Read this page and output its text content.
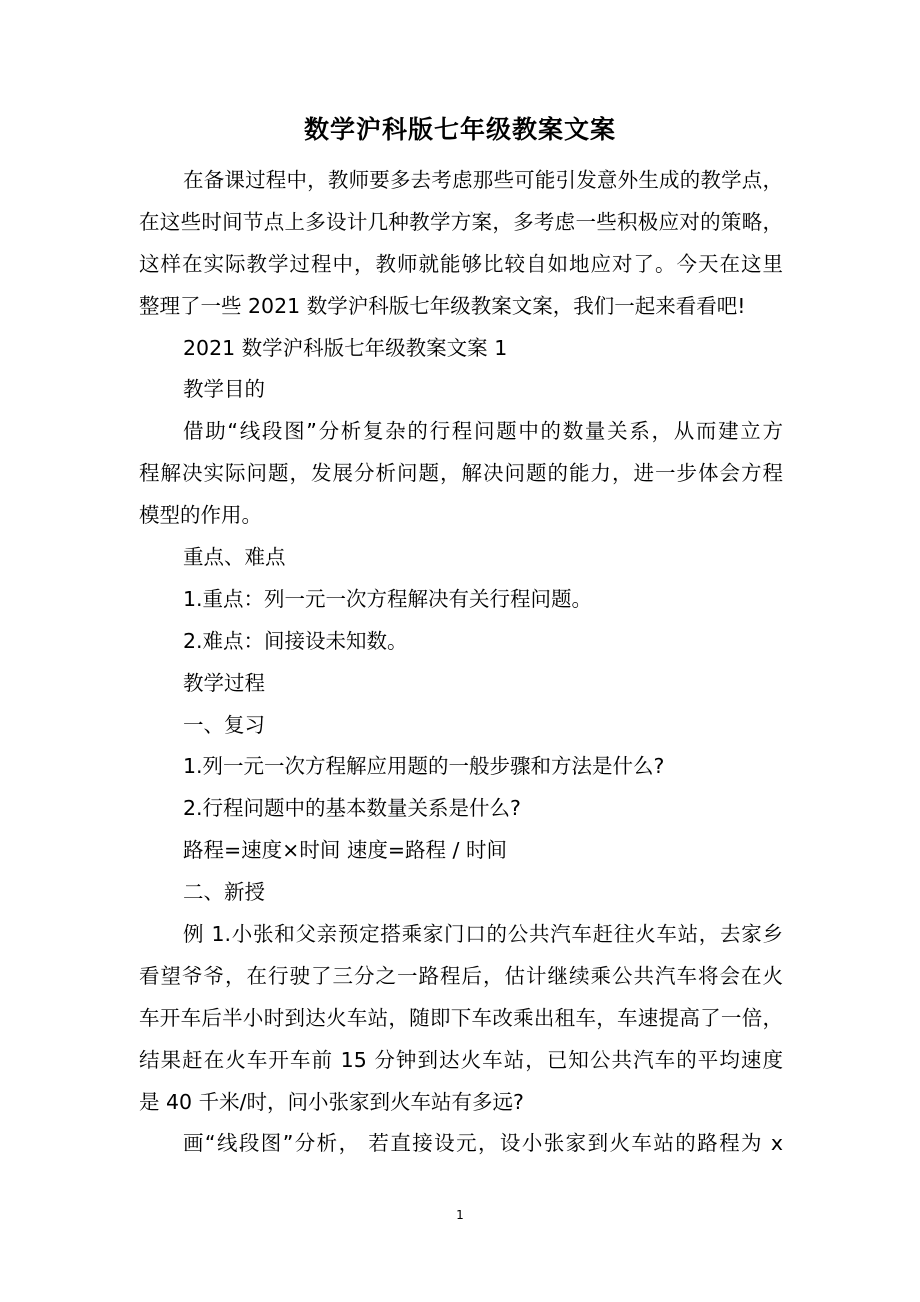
数学沪科版七年级教案文案
在备课过程中，教师要多去考虑那些可能引发意外生成的教学点，
在这些时间节点上多设计几种教学方案，多考虑一些积极应对的策略，
这样在实际教学过程中，教师就能够比较自如地应对了。今天在这里
整理了一些 2021 数学沪科版七年级教案文案，我们一起来看看吧!
2021 数学沪科版七年级教案文案 1
教学目的
借助“线段图”分析复杂的行程问题中的数量关系，从而建立方
程解决实际问题，发展分析问题，解决问题的能力，进一步体会方程
模型的作用。
重点、难点
1.重点：列一元一次方程解决有关行程问题。
2.难点：间接设未知数。
教学过程
一、复习
1.列一元一次方程解应用题的一般步骤和方法是什么?
2.行程问题中的基本数量关系是什么?
路程=速度×时间 速度=路程 / 时间
二、新授
例 1.小张和父亲预定搭乘家门口的公共汽车赶往火车站，去家乡
看望爷爷，在行驶了三分之一路程后，估计继续乘公共汽车将会在火
车开车后半小时到达火车站，随即下车改乘出租车，车速提高了一倍，
结果赶在火车开车前 15 分钟到达火车站，已知公共汽车的平均速度
是 40 千米/时，问小张家到火车站有多远?
画“线段图”分析， 若直接设元，设小张家到火车站的路程为 x
1
